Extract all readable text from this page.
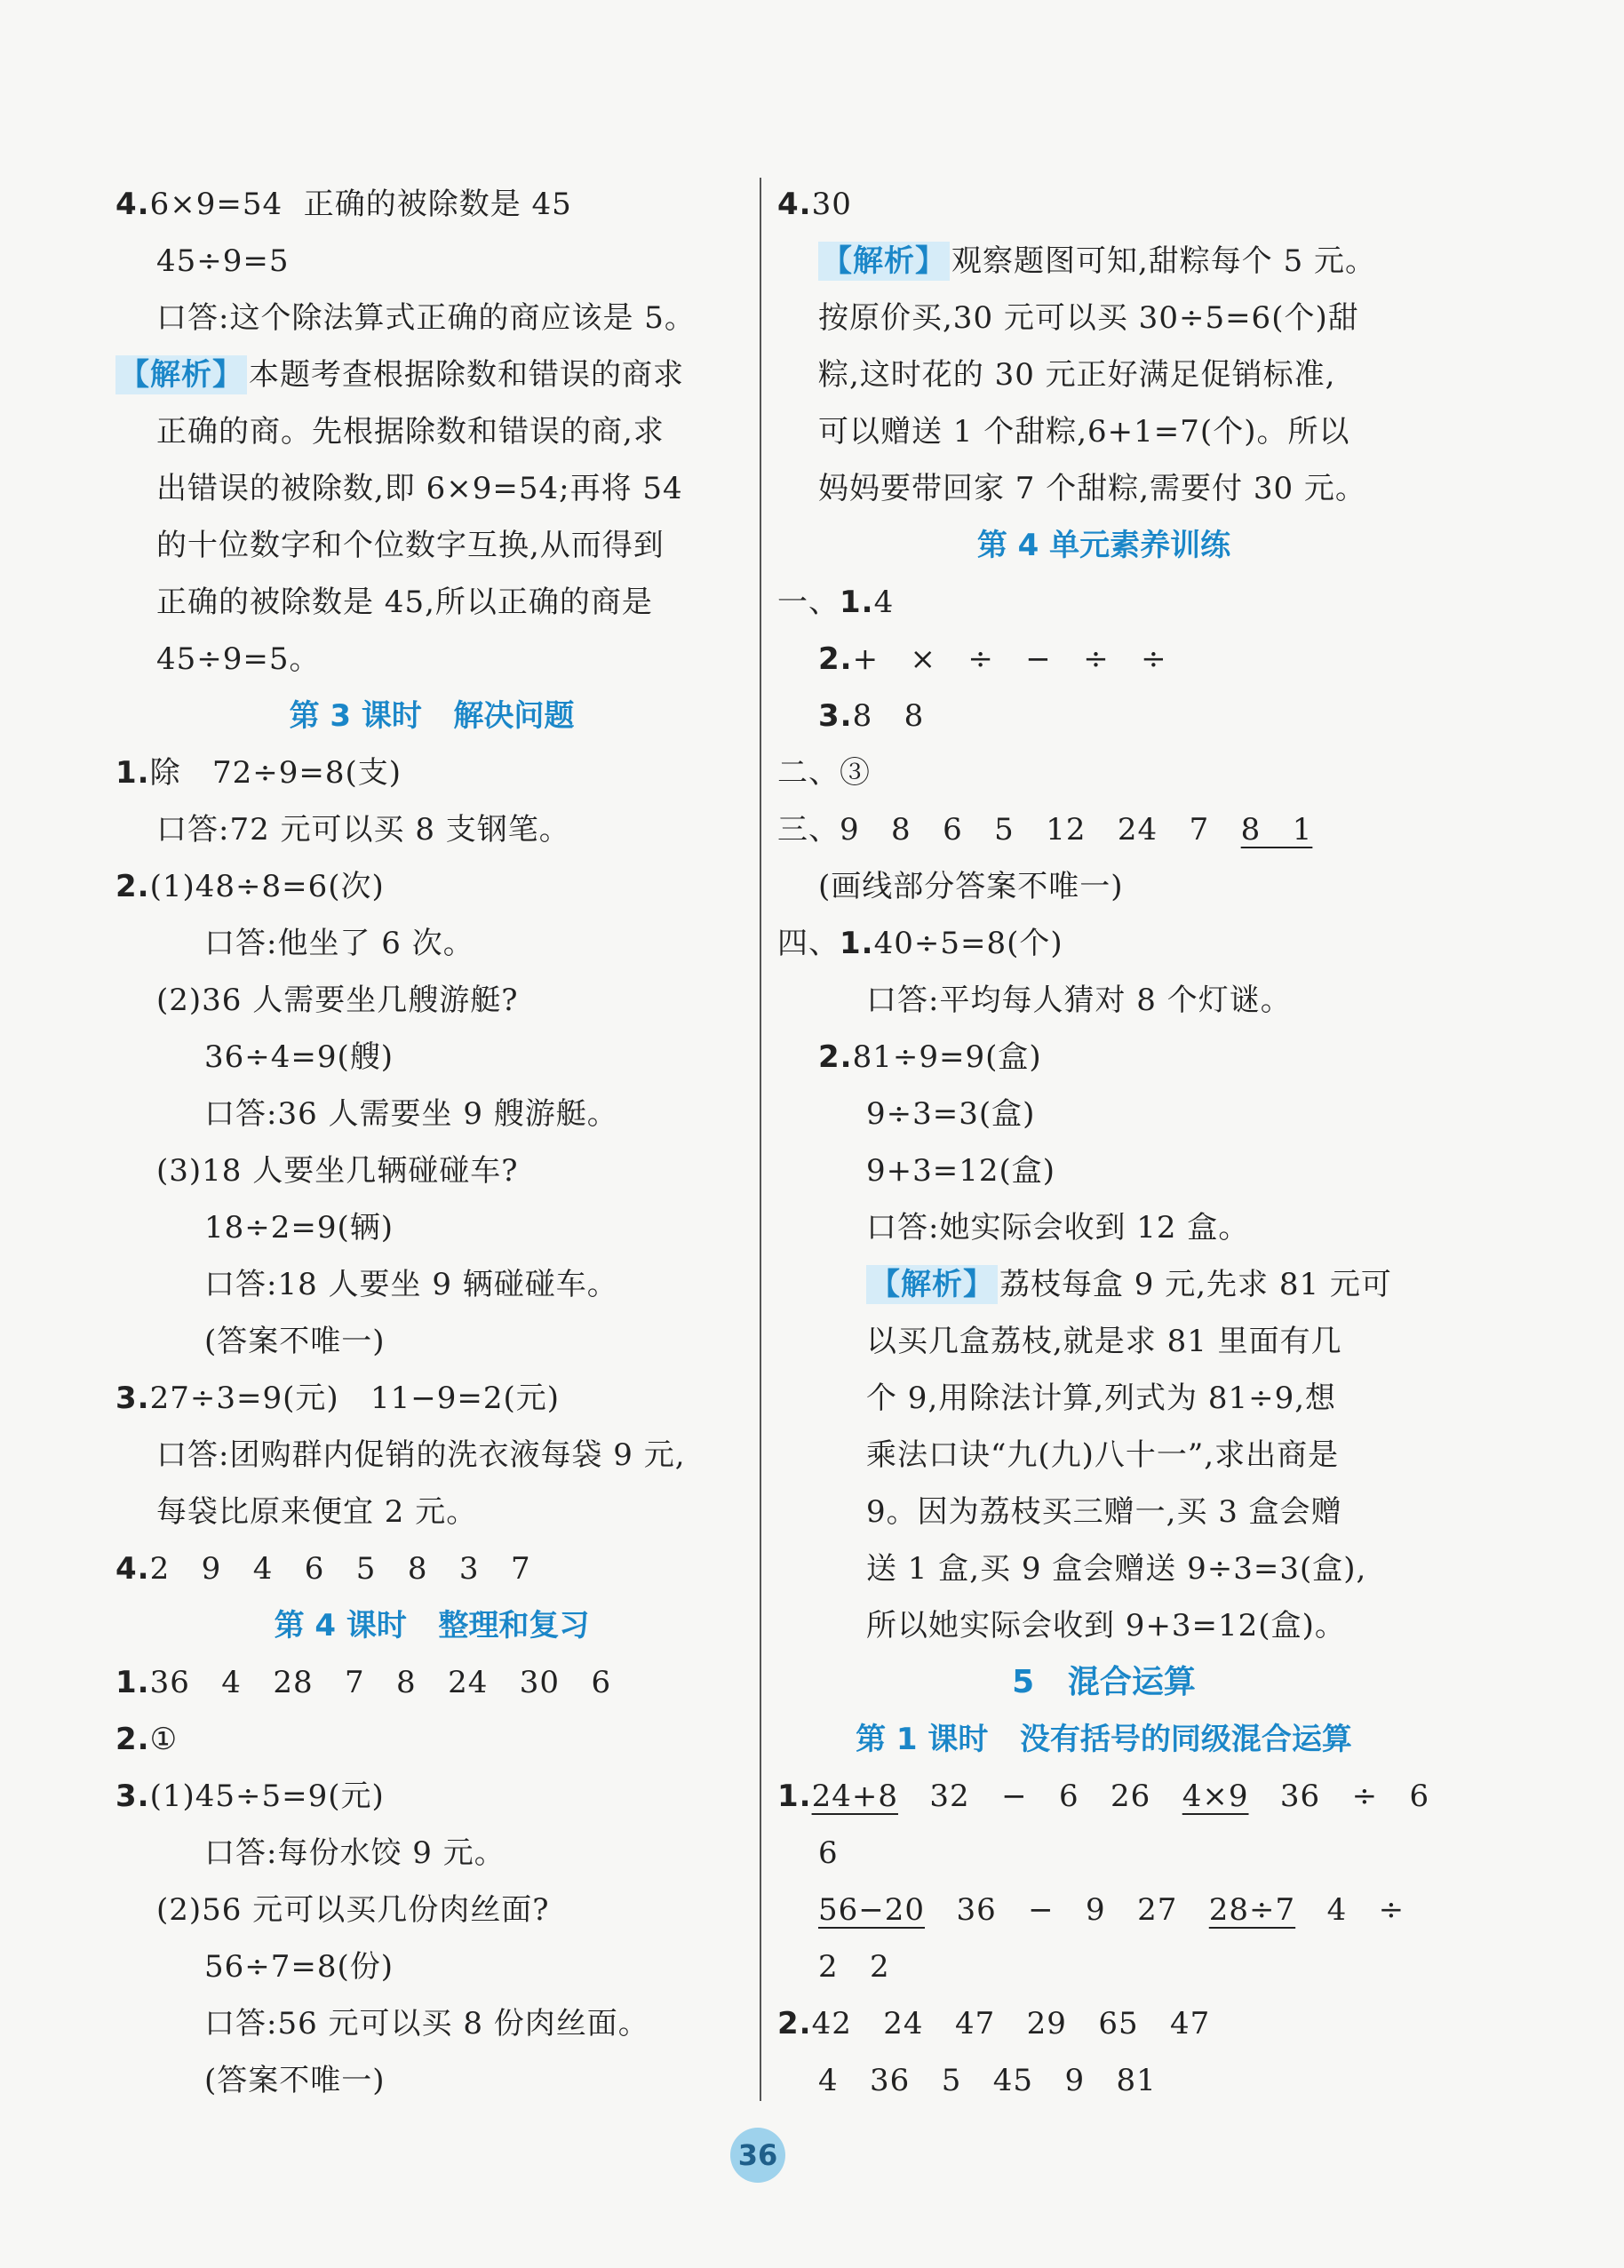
4.6×9=54  正确的被除数是 45
45÷9=5
口答:这个除法算式正确的商应该是 5。
【解析】 本题考查根据除数和错误的商求
正确的商。先根据除数和错误的商,求
出错误的被除数,即 6×9=54;再将 54
的十位数字和个位数字互换,从而得到
正确的被除数是 45,所以正确的商是
45÷9=5。
第 3 课时   解决问题
1.除   72÷9=8(支)
口答:72 元可以买 8 支钢笔。
2.(1)48÷8=6(次)
口答:他坐了 6 次。
(2)36 人需要坐几艘游艇?
36÷4=9(艘)
口答:36 人需要坐 9 艘游艇。
(3)18 人要坐几辆碰碰车?
18÷2=9(辆)
口答:18 人要坐 9 辆碰碰车。
(答案不唯一)
3.27÷3=9(元)   11−9=2(元)
口答:团购群内促销的洗衣液每袋 9 元,
每袋比原来便宜 2 元。
4.2   9   4   6   5   8   3   7
第 4 课时   整理和复习
1.36   4   28   7   8   24   30   6
2.①
3.(1)45÷5=9(元)
口答:每份水饺 9 元。
(2)56 元可以买几份肉丝面?
56÷7=8(份)
口答:56 元可以买 8 份肉丝面。
(答案不唯一)
4.30
【解析】 观察题图可知,甜粽每个 5 元。
按原价买,30 元可以买 30÷5=6(个)甜
粽,这时花的 30 元正好满足促销标准,
可以赠送 1 个甜粽,6+1=7(个)。所以
妈妈要带回家 7 个甜粽,需要付 30 元。
第 4 单元素养训练
一、1.4
2.+   ×   ÷   −   ÷   ÷
3.8   8
二、③
三、9   8   6   5   12   24   7 8   1
(画线部分答案不唯一)
四、1.40÷5=8(个)
口答:平均每人猜对 8 个灯谜。
2.81÷9=9(盒)
9÷3=3(盒)
9+3=12(盒)
口答:她实际会收到 12 盒。
【解析】 荔枝每盒 9 元,先求 81 元可
以买几盒荔枝,就是求 81 里面有几
个 9,用除法计算,列式为 81÷9,想
乘法口诀“九(九)八十一”,求出商是
9。因为荔枝买三赠一,买 3 盒会赠
送 1 盒,买 9 盒会赠送 9÷3=3(盒),
所以她实际会收到 9+3=12(盒)。
5   混合运算
第 1 课时   没有括号的同级混合运算
1.24+8   32   −   6   26   4×9   36   ÷   6
6
56−20   36   −   9   27   28÷7   4   ÷
2   2
2.42   24   47   29   65   47
4   36   5   45   9   81
36
